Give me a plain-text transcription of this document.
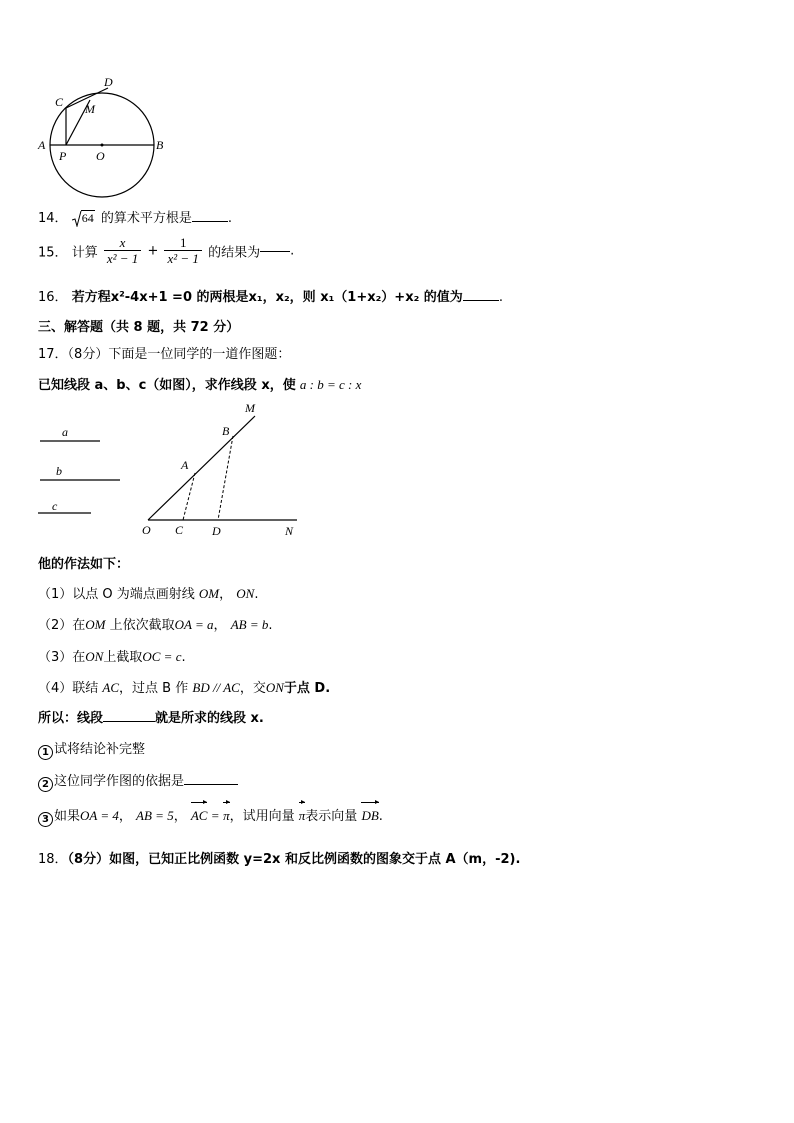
D
C M
A
P O
B
14． 64 的算术平方根是	.
15． 计算 $\frac{x}{\text{x² − 1}} + \frac{1}{\text{x² − 1}}$ 的结果为 .
16． 若方程x²-4x+1 =0 的两根是x₁，x₂，则 x₁（1+x₂）+x₂ 的值为	.
三、解答题（共 8 题，共 72 分）
17．（8分）下面是一位同学的一道作图题：
已知线段 a、b、c（如图），求作线段 x，使 a : b = c : x
a
b
c
M
B
A
O C D	N
他的作法如下：
（1）以点 O 为端点画射线 OM， ON.
（2）在OM 上依次截取OA = a， AB = b.
（3）在ON上截取OC = c.
（4）联结 AC，过点 B 作 BD // AC，交ON于点 D.
所以：线段	就是所求的线段 x.
1 试将结论补完整
2 这位同学作图的依据是
3 如果OA = 4， AB = 5， AC = π，试用向量 π表示向量 DB.
18．（8分）如图，已知正比例函数 y=2x 和反比例函数的图象交于点 A（m，-2).
